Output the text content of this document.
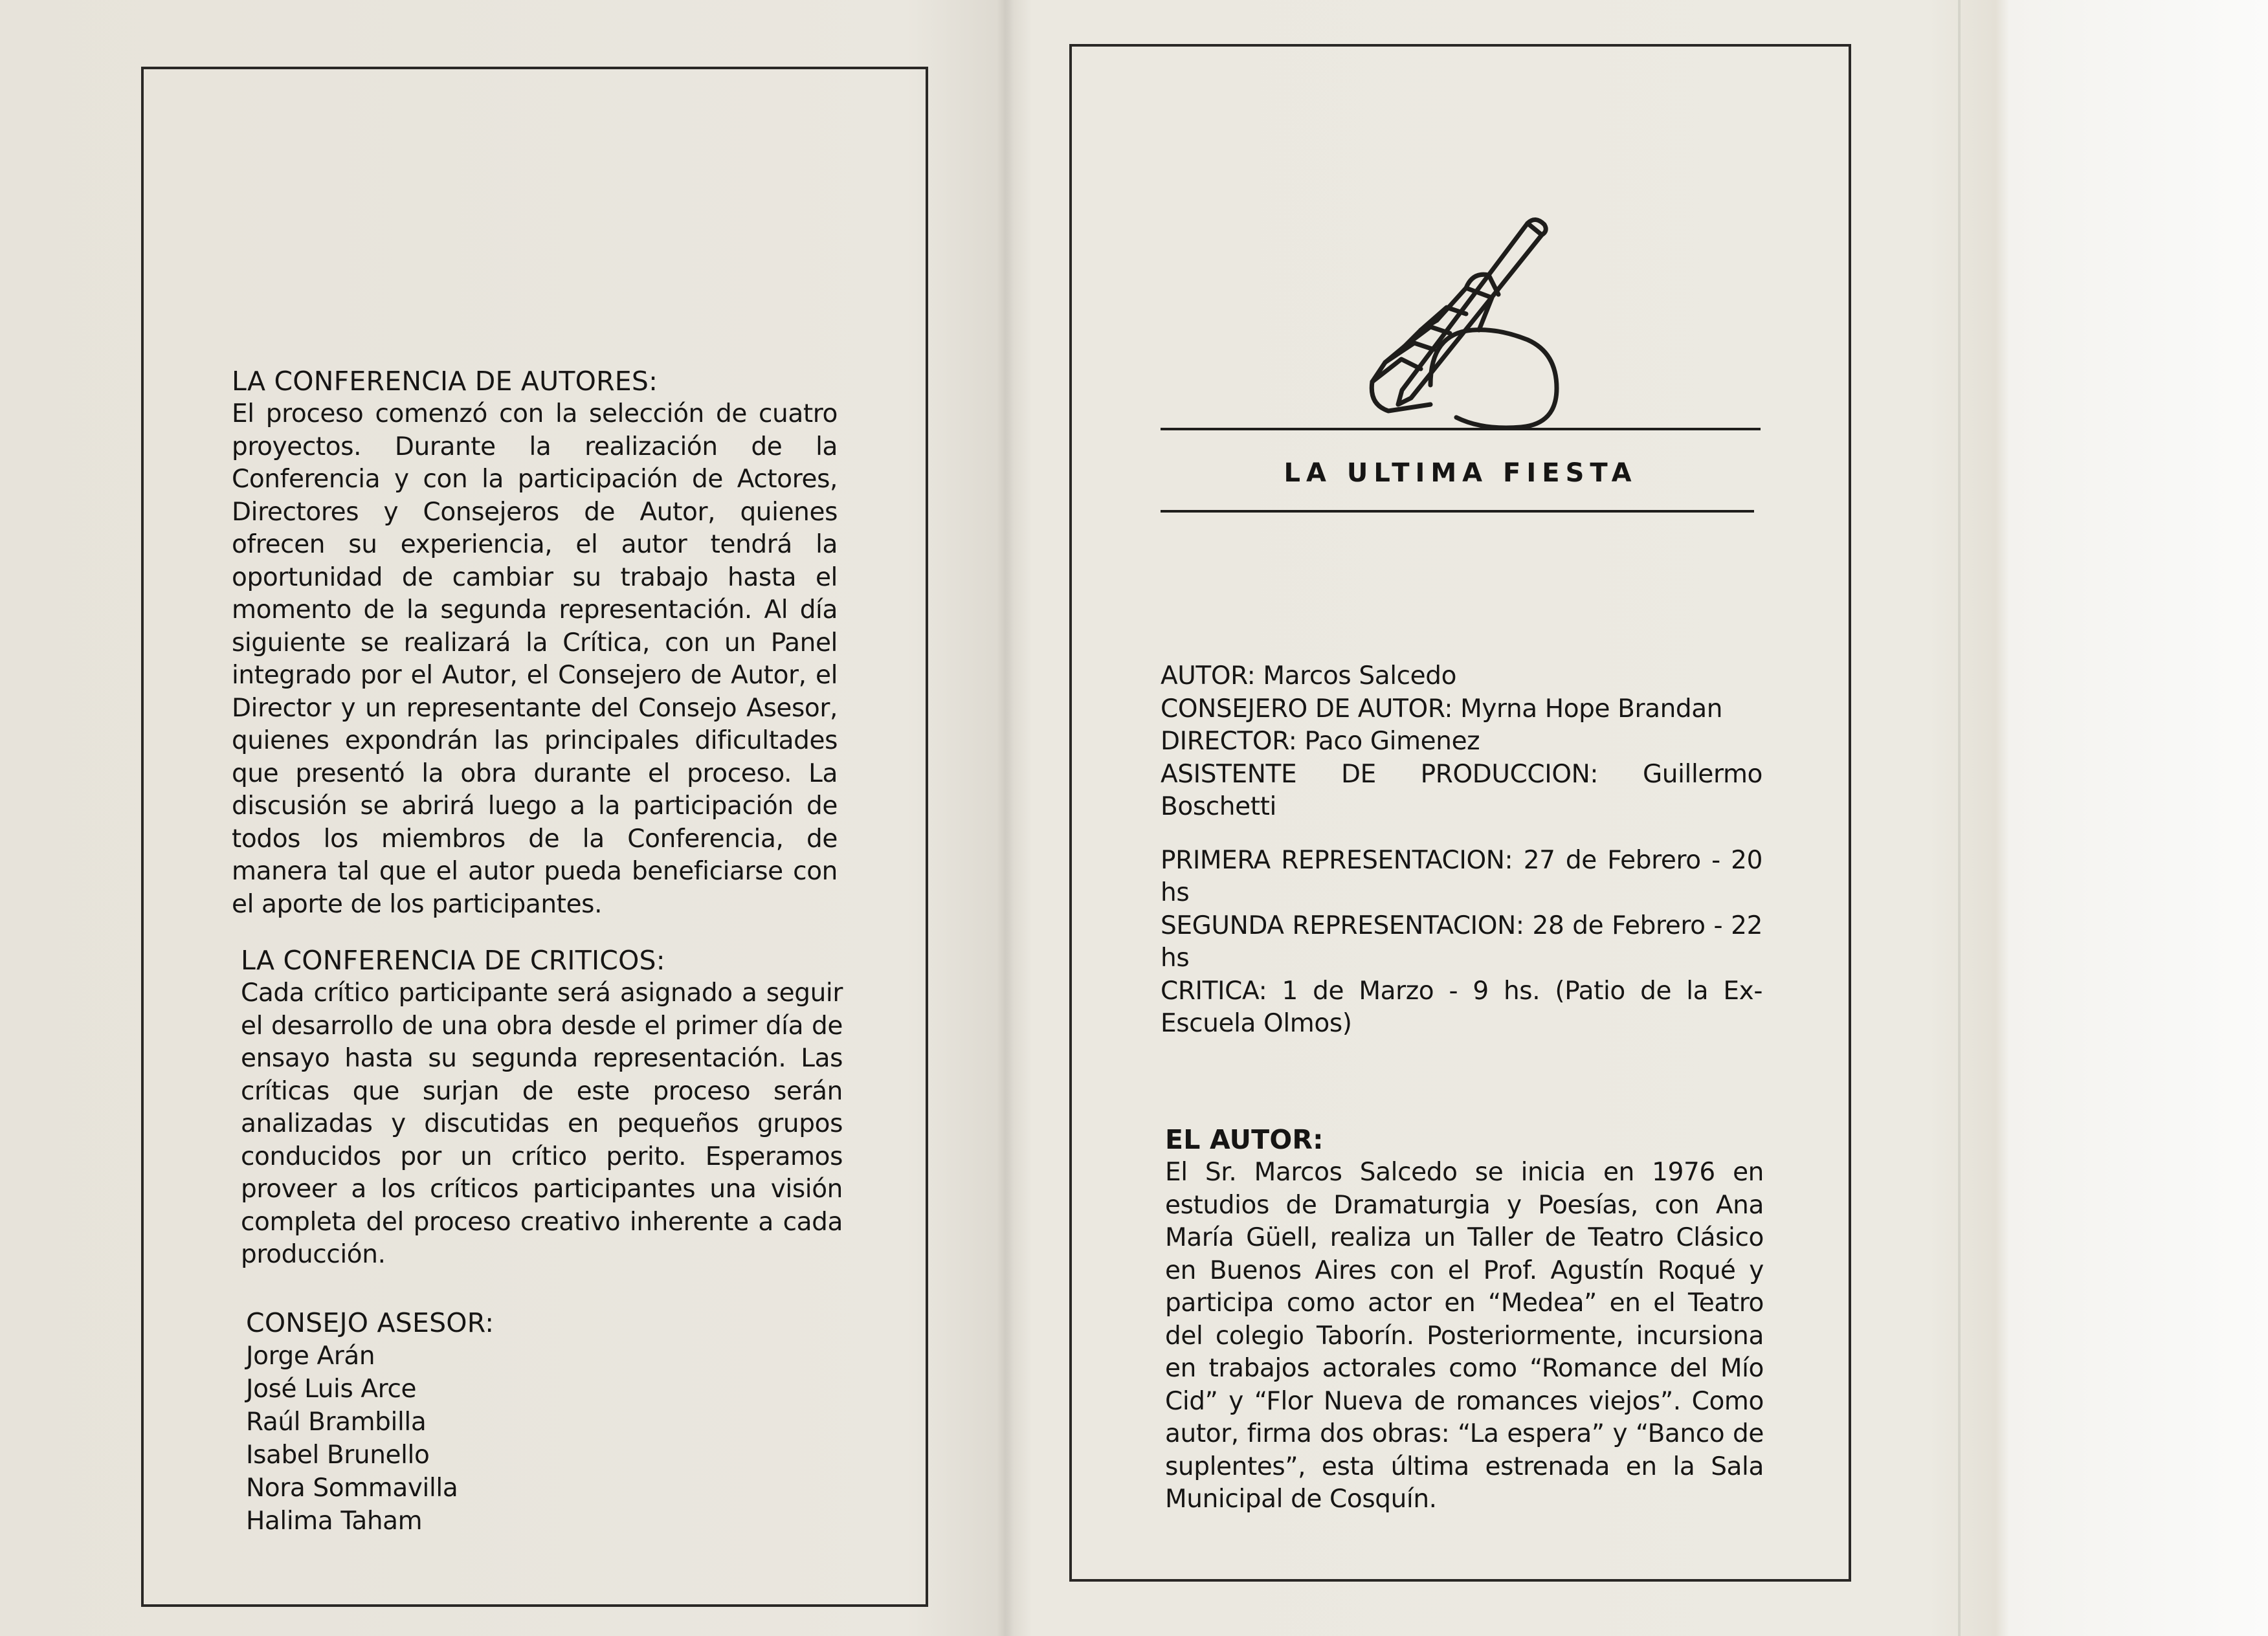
LA CONFERENCIA DE AUTORES:
El proceso comenzó con la selección de cuatro proyectos. Durante la realización de la Conferencia y con la participación de Actores, Directores y Consejeros de Autor, quienes ofrecen su experiencia, el autor tendrá la oportunidad de cambiar su trabajo hasta el momento de la segunda representación. Al día siguiente se realizará la Crítica, con un Panel integrado por el Autor, el Consejero de Autor, el Director y un representante del Consejo Asesor, quienes expondrán las principales dificultades que presentó la obra durante el proceso. La discusión se abrirá luego a la participación de todos los miembros de la Conferencia, de manera tal que el autor pueda beneficiarse con el aporte de los participantes.
LA CONFERENCIA DE CRITICOS:
Cada crítico participante será asignado a seguir el desarrollo de una obra desde el primer día de ensayo hasta su segunda representación. Las críticas que surjan de este proceso serán analizadas y discutidas en pequeños grupos conducidos por un crítico perito. Esperamos proveer a los críticos participantes una visión completa del proceso creativo inherente a cada producción.
CONSEJO ASESOR:
Jorge Arán
José Luis Arce
Raúl Brambilla
Isabel Brunello
Nora Sommavilla
Halima Taham
LA ULTIMA FIESTA
AUTOR: Marcos Salcedo
CONSEJERO DE AUTOR: Myrna Hope Brandan
DIRECTOR: Paco Gimenez
ASISTENTE DE PRODUCCION: Guillermo Boschetti
PRIMERA REPRESENTACION: 27 de Febrero - 20 hs
SEGUNDA REPRESENTACION: 28 de Febrero - 22 hs
CRITICA: 1 de Marzo - 9 hs. (Patio de la Ex-Escuela Olmos)
EL AUTOR:
El Sr. Marcos Salcedo se inicia en 1976 en estudios de Dramaturgia y Poesías, con Ana María Güell, realiza un Taller de Teatro Clásico en Buenos Aires con el Prof. Agustín Roqué y participa como actor en “Medea” en el Teatro del colegio Taborín. Posteriormente, incursiona en trabajos actorales como “Romance del Mío Cid” y “Flor Nueva de romances viejos”. Como autor, firma dos obras: “La espera” y “Banco de suplentes”, esta última estrenada en la Sala Municipal de Cosquín.
